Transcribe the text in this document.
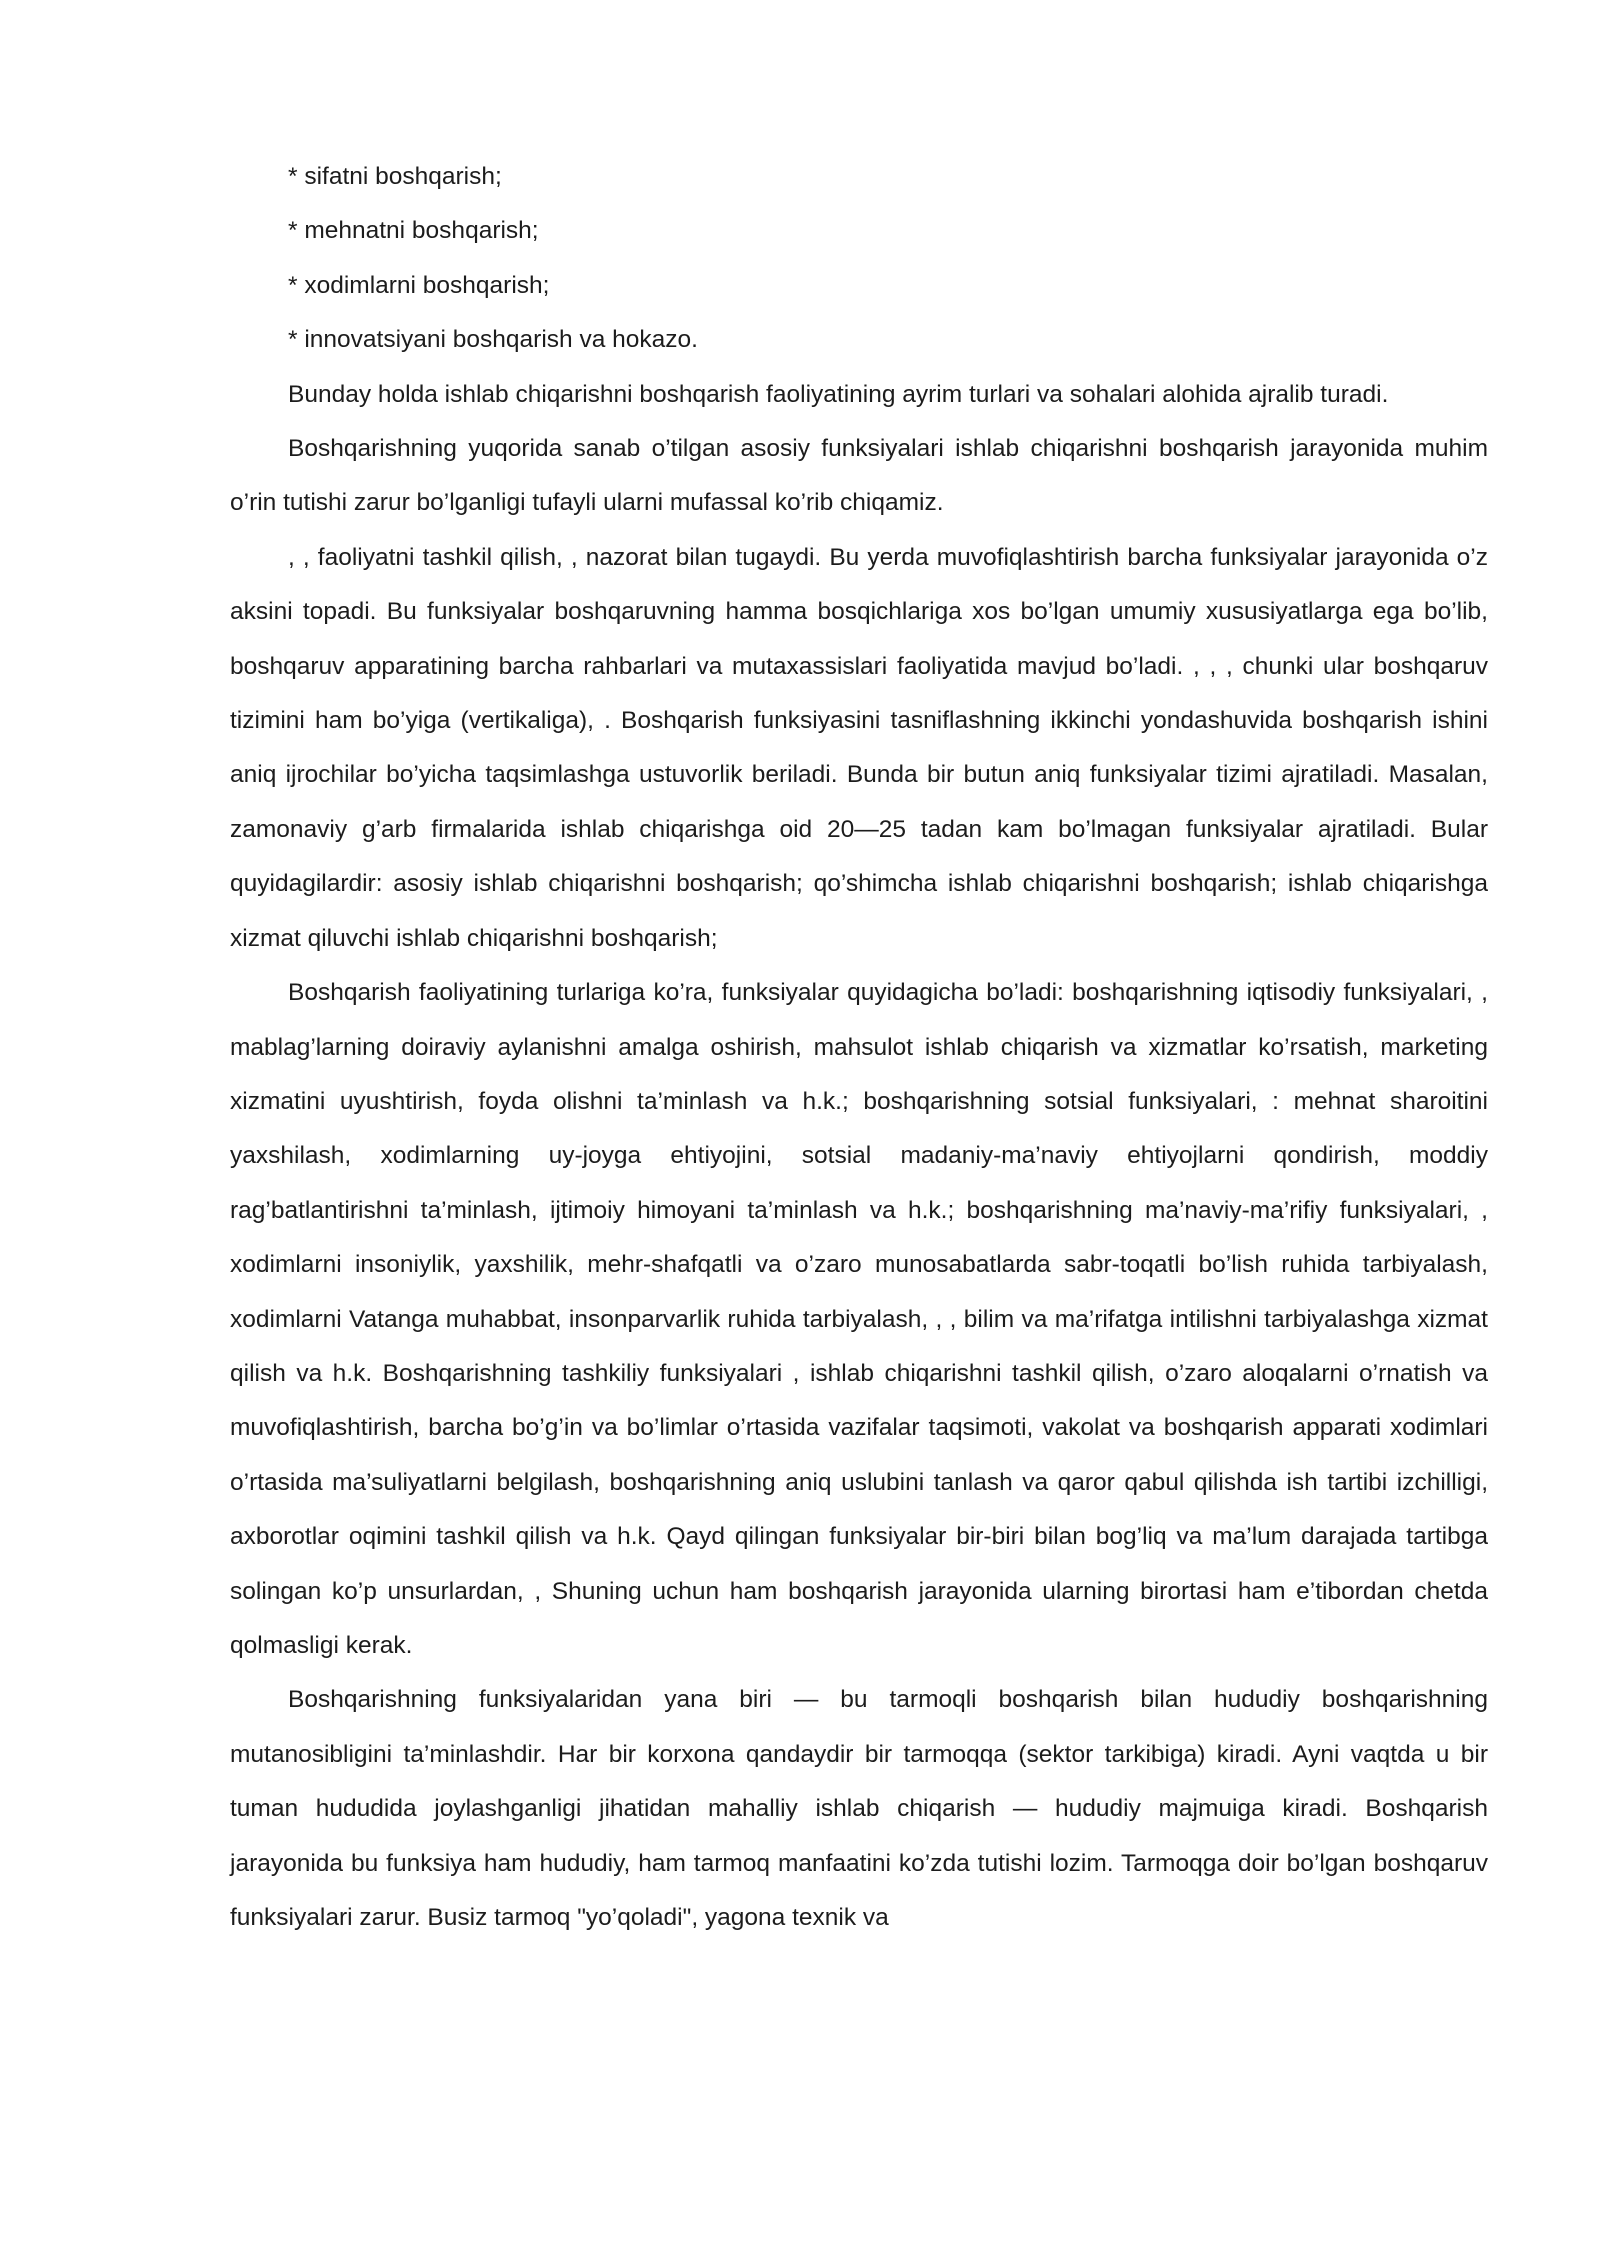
* sifatni boshqarish;

* mehnatni boshqarish;

* xodimlarni boshqarish;

* innovatsiyani boshqarish va hokazo.

Bunday holda ishlab chiqarishni boshqarish faoliyatining ayrim turlari va sohalari alohida ajralib turadi.

Boshqarishning yuqorida sanab o’tilgan asosiy funksiyalari ishlab chiqarishni boshqarish jarayonida muhim o’rin tutishi zarur bo’lganligi tufayli ularni mufassal ko’rib chiqamiz.

, , faoliyatni tashkil qilish, , nazorat bilan tugaydi. Bu yerda muvofiqlashtirish barcha funksiyalar jarayonida o’z aksini topadi. Bu funksiyalar boshqaruvning hamma bosqichlariga xos bo’lgan umumiy xususiyatlarga ega bo’lib, boshqaruv apparatining barcha rahbarlari va mutaxassislari faoliyatida mavjud bo’ladi. , , , chunki ular boshqaruv tizimini ham bo’yiga (vertikaliga), . Boshqarish funksiyasini tasniflashning ikkinchi yondashuvida boshqarish ishini aniq ijrochilar bo’yicha taqsimlashga ustuvorlik beriladi. Bunda bir butun aniq funksiyalar tizimi ajratiladi. Masalan, zamonaviy g’arb firmalarida ishlab chiqarishga oid 20—25 tadan kam bo’lmagan funksiyalar ajratiladi. Bular quyidagilardir: asosiy ishlab chiqarishni boshqarish; qo’shimcha ishlab chiqarishni boshqarish; ishlab chiqarishga xizmat qiluvchi ishlab chiqarishni boshqarish;

Boshqarish faoliyatining turlariga ko’ra, funksiyalar quyidagicha bo’ladi: boshqarishning iqtisodiy funksiyalari, , mablag’larning doiraviy aylanishni amalga oshirish, mahsulot ishlab chiqarish va xizmatlar ko’rsatish, marketing xizmatini uyushtirish, foyda olishni ta’minlash va h.k.; boshqarishning sotsial funksiyalari, : mehnat sharoitini yaxshilash, xodimlarning uy-joyga ehtiyojini, sotsial madaniy-ma’naviy ehtiyojlarni qondirish, moddiy rag’batlantirishni ta’minlash, ijtimoiy himoyani ta’minlash va h.k.; boshqarishning ma’naviy-ma’rifiy funksiyalari, , xodimlarni insoniylik, yaxshilik, mehr-shafqatli va o’zaro munosabatlarda sabr-toqatli bo’lish ruhida tarbiyalash, xodimlarni Vatanga muhabbat, insonparvarlik ruhida tarbiyalash, , , bilim va ma’rifatga intilishni tarbiyalashga xizmat qilish va h.k. Boshqarishning tashkiliy funksiyalari , ishlab chiqarishni tashkil qilish, o’zaro aloqalarni o’rnatish va muvofiqlashtirish, barcha bo’g’in va bo’limlar o’rtasida vazifalar taqsimoti, vakolat va boshqarish apparati xodimlari o’rtasida ma’suliyatlarni belgilash, boshqarishning aniq uslubini tanlash va qaror qabul qilishda ish tartibi izchilligi, axborotlar oqimini tashkil qilish va h.k. Qayd qilingan funksiyalar bir-biri bilan bog’liq va ma’lum darajada tartibga solingan ko’p unsurlardan, , Shuning uchun ham boshqarish jarayonida ularning birortasi ham e’tibordan chetda qolmasligi kerak.

Boshqarishning funksiyalaridan yana biri — bu tarmoqli boshqarish bilan hududiy boshqarishning mutanosibligini ta’minlashdir. Har bir korxona qandaydir bir tarmoqqa (sektor tarkibiga) kiradi. Ayni vaqtda u bir tuman hududida joylashganligi jihatidan mahalliy ishlab chiqarish — hududiy majmuiga kiradi. Boshqarish jarayonida bu funksiya ham hududiy, ham tarmoq manfaatini ko’zda tutishi lozim. Tarmoqga doir bo’lgan boshqaruv funksiyalari zarur. Busiz tarmoq "yo’qoladi", yagona texnik va
